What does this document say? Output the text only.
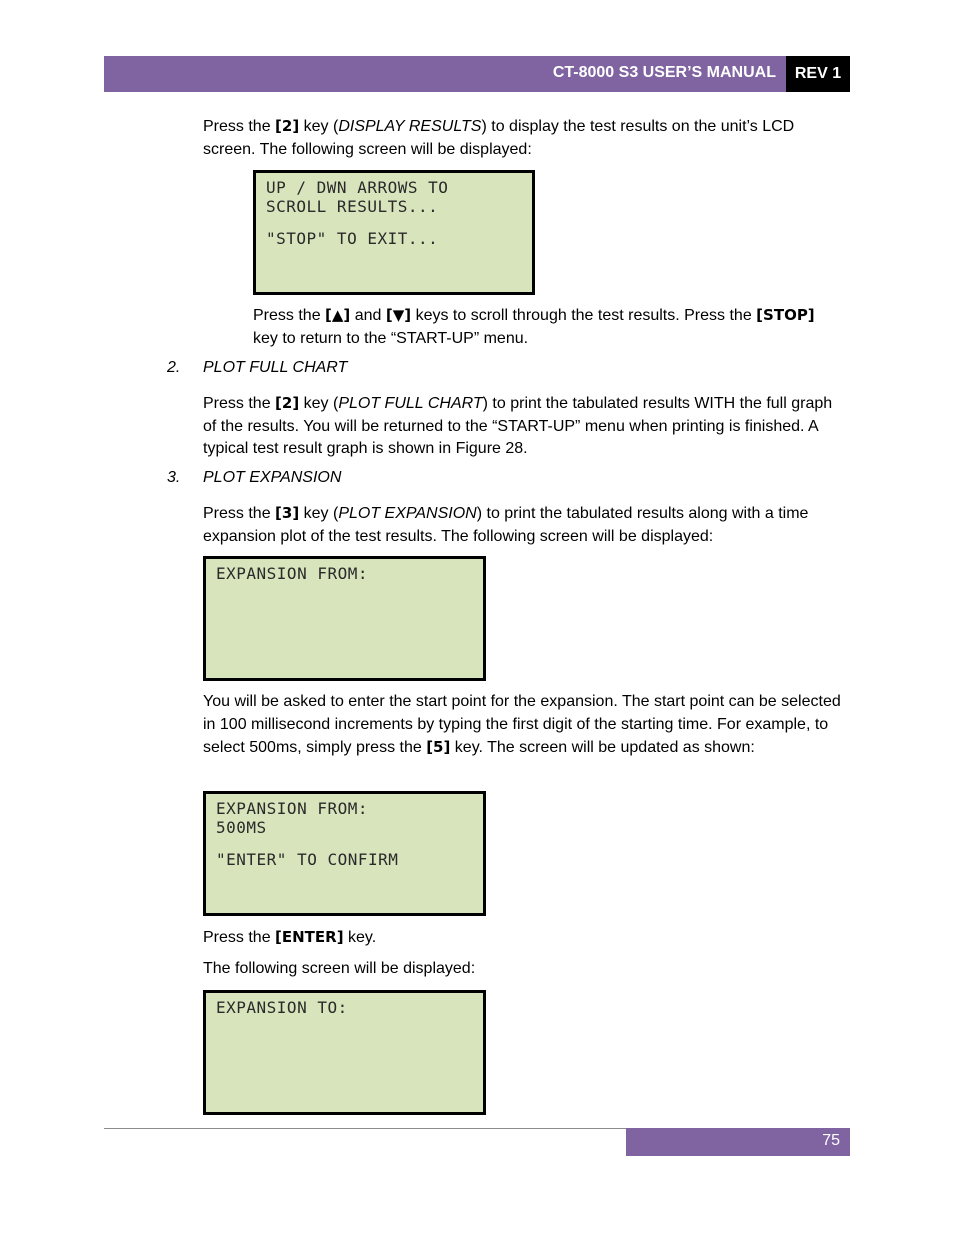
CT-8000 S3 USER’S MANUAL	REV 1

Press the [2] key (DISPLAY RESULTS) to display the test results on the unit’s LCD screen. The following screen will be displayed:

UP / DWN ARROWS TO
SCROLL RESULTS...
"STOP" TO EXIT...

Press the [▲] and [▼] keys to scroll through the test results. Press the [STOP] key to return to the “START-UP” menu.

2. PLOT FULL CHART

Press the [2] key (PLOT FULL CHART) to print the tabulated results WITH the full graph of the results. You will be returned to the “START-UP” menu when printing is finished. A typical test result graph is shown in Figure 28.

3. PLOT EXPANSION

Press the [3] key (PLOT EXPANSION) to print the tabulated results along with a time expansion plot of the test results. The following screen will be displayed:

EXPANSION FROM:

You will be asked to enter the start point for the expansion. The start point can be selected in 100 millisecond increments by typing the first digit of the starting time. For example, to select 500ms, simply press the [5] key. The screen will be updated as shown:

EXPANSION FROM:
500MS
"ENTER" TO CONFIRM

Press the [ENTER] key.

The following screen will be displayed:

EXPANSION TO:
75
